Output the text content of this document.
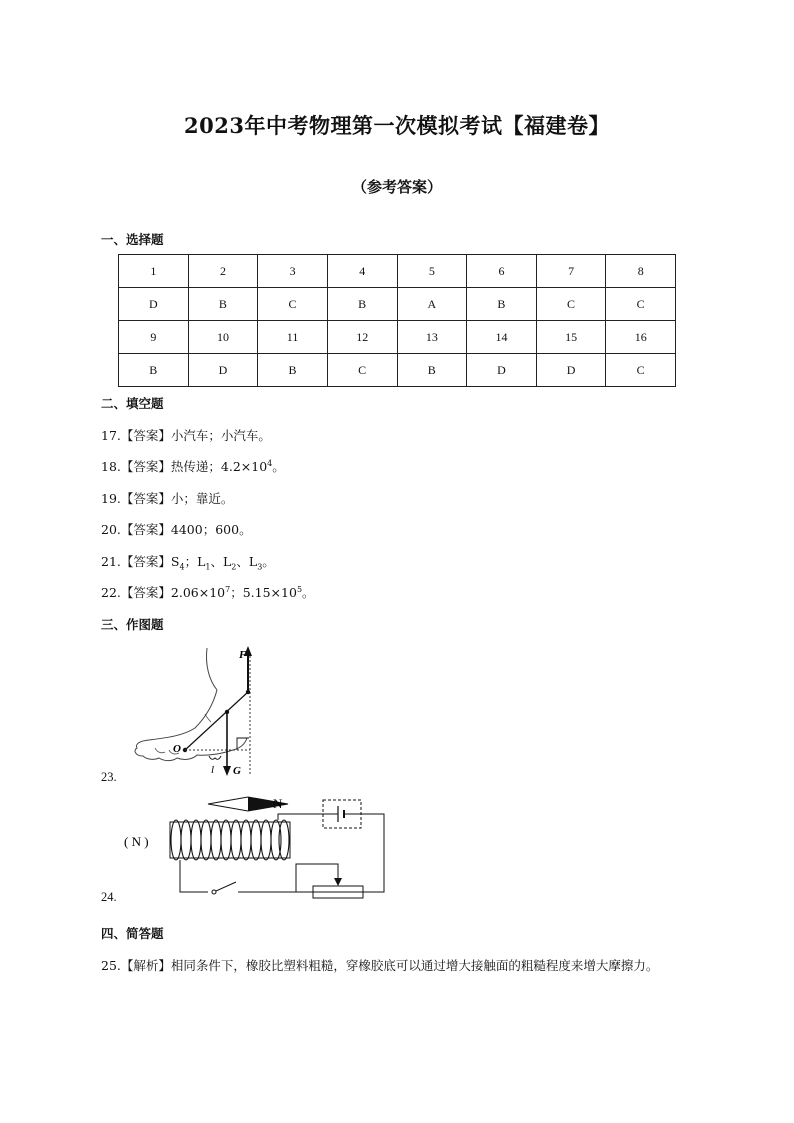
2023年中考物理第一次模拟考试【福建卷】
（参考答案）
一、选择题
1	2	3	4	5	6	7	8
D	B	C	B	A	B	C	C
9	10	11	12	13	14	15	16
B	D	B	C	B	D	D	C
二、填空题
17.【答案】小汽车；小汽车。
18.【答案】热传递；$4.2\times 10^4$。
19.【答案】小；靠近。
20.【答案】4400；600。
21.【答案】$S_4$；$L_1$、$L_2$、$L_3$。
22.【答案】$2.06\times 10^7$；$5.15\times 10^5$。
三、作图题
F
O
G
l
23.
N
( N )
24.
四、简答题
25.【解析】相同条件下，橡胶比塑料粗糙，穿橡胶底可以通过增大接触面的粗糙程度来增大摩擦力。
